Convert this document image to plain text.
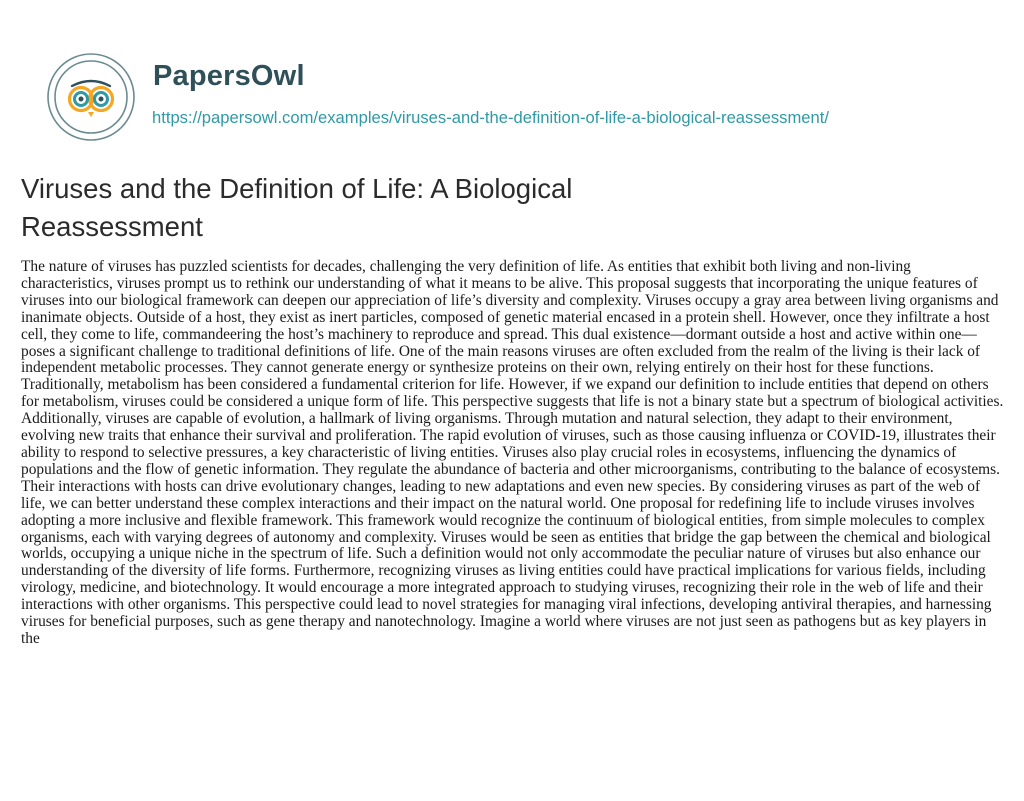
PapersOwl
https://papersowl.com/examples/viruses-and-the-definition-of-life-a-biological-reassessment/
Viruses and the Definition of Life: A Biological Reassessment

The nature of viruses has puzzled scientists for decades, challenging the very definition of life. As entities that exhibit both living and non-living characteristics, viruses prompt us to rethink our understanding of what it means to be alive. This proposal suggests that incorporating the unique features of viruses into our biological framework can deepen our appreciation of life’s diversity and complexity. Viruses occupy a gray area between living organisms and inanimate objects. Outside of a host, they exist as inert particles, composed of genetic material encased in a protein shell. However, once they infiltrate a host cell, they come to life, commandeering the host’s machinery to reproduce and spread. This dual existence—dormant outside a host and active within one—poses a significant challenge to traditional definitions of life. One of the main reasons viruses are often excluded from the realm of the living is their lack of independent metabolic processes. They cannot generate energy or synthesize proteins on their own, relying entirely on their host for these functions. Traditionally, metabolism has been considered a fundamental criterion for life. However, if we expand our definition to include entities that depend on others for metabolism, viruses could be considered a unique form of life. This perspective suggests that life is not a binary state but a spectrum of biological activities. Additionally, viruses are capable of evolution, a hallmark of living organisms. Through mutation and natural selection, they adapt to their environment, evolving new traits that enhance their survival and proliferation. The rapid evolution of viruses, such as those causing influenza or COVID-19, illustrates their ability to respond to selective pressures, a key characteristic of living entities. Viruses also play crucial roles in ecosystems, influencing the dynamics of populations and the flow of genetic information. They regulate the abundance of bacteria and other microorganisms, contributing to the balance of ecosystems. Their interactions with hosts can drive evolutionary changes, leading to new adaptations and even new species. By considering viruses as part of the web of life, we can better understand these complex interactions and their impact on the natural world. One proposal for redefining life to include viruses involves adopting a more inclusive and flexible framework. This framework would recognize the continuum of biological entities, from simple molecules to complex organisms, each with varying degrees of autonomy and complexity. Viruses would be seen as entities that bridge the gap between the chemical and biological worlds, occupying a unique niche in the spectrum of life. Such a definition would not only accommodate the peculiar nature of viruses but also enhance our understanding of the diversity of life forms. Furthermore, recognizing viruses as living entities could have practical implications for various fields, including virology, medicine, and biotechnology. It would encourage a more integrated approach to studying viruses, recognizing their role in the web of life and their interactions with other organisms. This perspective could lead to novel strategies for managing viral infections, developing antiviral therapies, and harnessing viruses for beneficial purposes, such as gene therapy and nanotechnology. Imagine a world where viruses are not just seen as pathogens but as key players in the
